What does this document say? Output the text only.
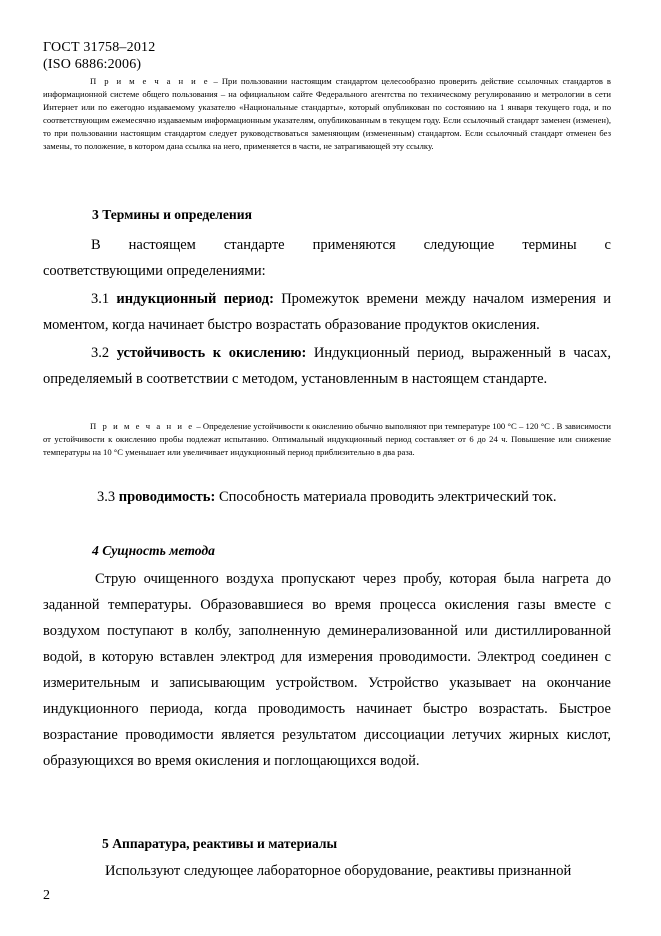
ГОСТ 31758–2012
(ISO 6886:2006)
П р и м е ч а н и е – При пользовании настоящим стандартом целесообразно проверить действие ссылочных стандартов в информационной системе общего пользования – на официальном сайте Федерального агентства по техническому регулированию и метрологии в сети Интернет или по ежегодно издаваемому указателю «Национальные стандарты», который опубликован по состоянию на 1 января текущего года, и по соответствующим ежемесячно издаваемым информационным указателям, опубликованным в текущем году. Если ссылочный стандарт заменен (изменен), то при пользовании настоящим стандартом следует руководствоваться заменяющим (измененным) стандартом. Если ссылочный стандарт отменен без замены, то положение, в котором дана ссылка на него, применяется в части, не затрагивающей эту ссылку.
3 Термины и определения
В настоящем стандарте применяются следующие термины с
соответствующими определениями:
3.1 индукционный период: Промежуток времени между началом измерения и моментом, когда начинает быстро возрастать образование продуктов окисления.
3.2 устойчивость к окислению: Индукционный период, выраженный в часах, определяемый в соответствии с методом, установленным в настоящем стандарте.
П р и м е ч а н и е – Определение устойчивости к окислению обычно выполняют при температуре 100 °С – 120 °С . В зависимости от устойчивости к окислению пробы подлежат испытанию. Оптимальный индукционный период составляет от 6 до 24 ч. Повышение или снижение температуры на 10 °С уменьшает или увеличивает индукционный период приблизительно в два раза.
3.3 проводимость: Способность материала проводить электрический ток.
4 Сущность метода
Струю очищенного воздуха пропускают через пробу, которая была нагрета до заданной температуры. Образовавшиеся во время процесса окисления газы вместе с воздухом поступают в колбу, заполненную деминерализованной или дистиллированной водой, в которую вставлен электрод для измерения проводимости. Электрод соединен с измерительным и записывающим устройством. Устройство указывает на окончание индукционного периода, когда проводимость начинает быстро возрастать. Быстрое возрастание проводимости является результатом диссоциации летучих жирных кислот, образующихся во время окисления и поглощающихся водой.
5 Аппаратура, реактивы и материалы
Используют следующее лабораторное оборудование, реактивы признанной
2
